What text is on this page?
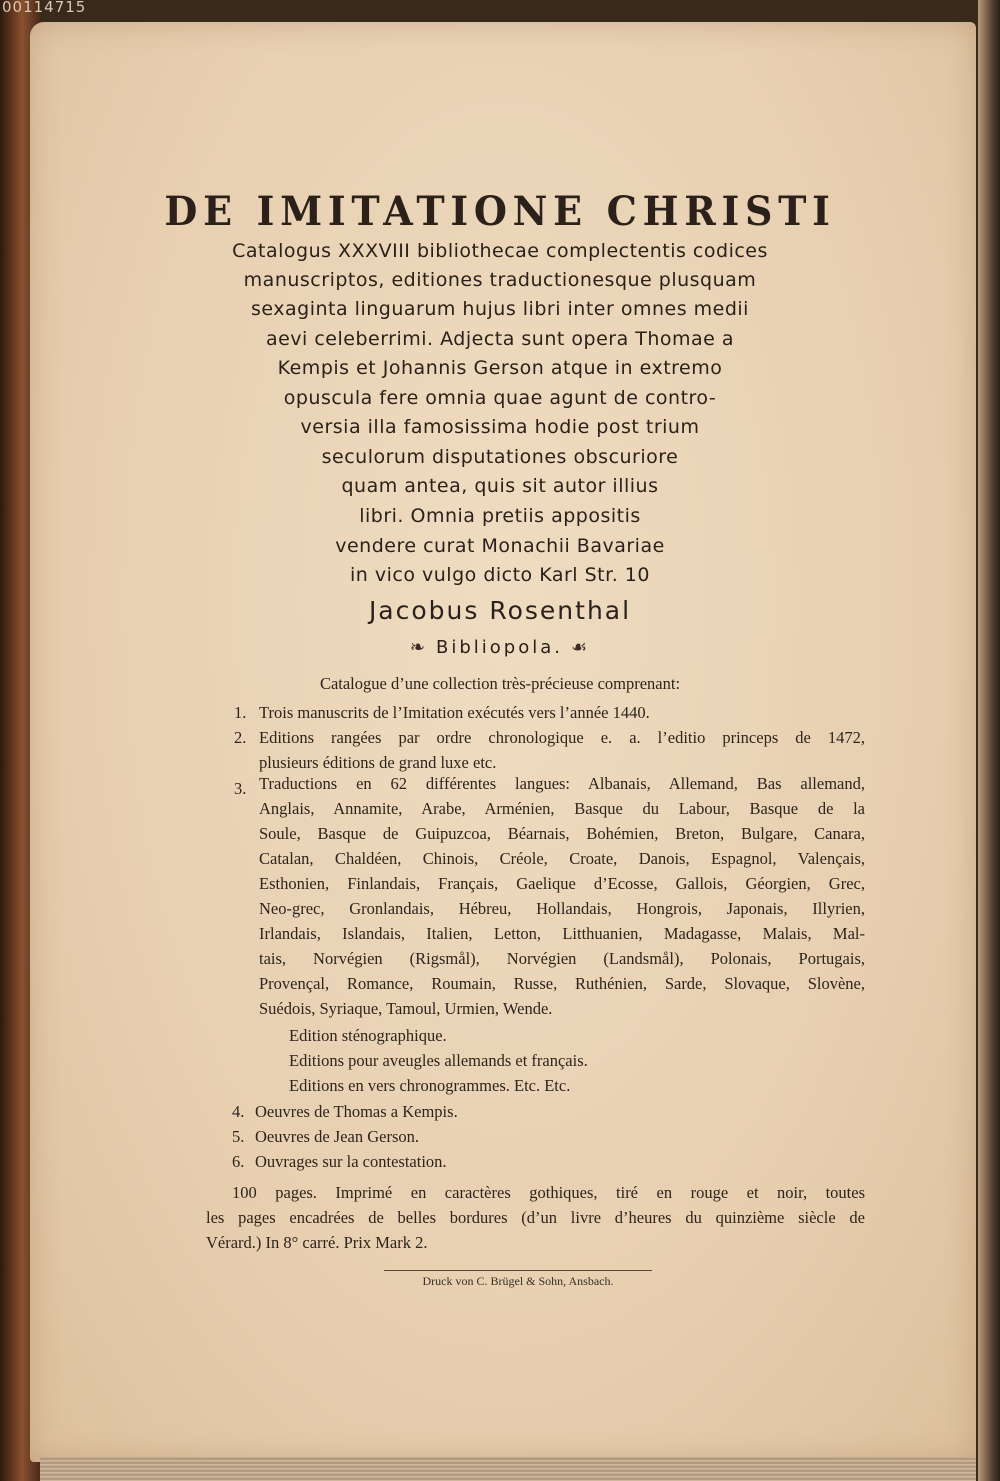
00114715
DE IMITATIONE CHRISTI
Catalogus XXXVIII bibliothecae complectentis codices
manuscriptos, editiones traductionesque plusquam
sexaginta linguarum hujus libri inter omnes medii
aevi celeberrimi. Adjecta sunt opera Thomae a
Kempis et Johannis Gerson atque in extremo
opuscula fere omnia quae agunt de contro-
versia illa famosissima hodie post trium
seculorum disputationes obscuriore
quam antea, quis sit autor illius
libri. Omnia pretiis appositis
vendere curat Monachii Bavariae
in vico vulgo dicto Karl Str. 10
Jacobus Rosenthal
❧ Bibliopola. ☙
Catalogue d’une collection très-précieuse comprenant:
1. Trois manuscrits de l’Imitation exécutés vers l’année 1440.
2. Editions rangées par ordre chronologique e. a. l’editio princeps de 1472,
plusieurs éditions de grand luxe etc.
3. Traductions en 62 différentes langues: Albanais, Allemand, Bas allemand,
Anglais, Annamite, Arabe, Arménien, Basque du Labour, Basque de la
Soule, Basque de Guipuzcoa, Béarnais, Bohémien, Breton, Bulgare, Canara,
Catalan, Chaldéen, Chinois, Créole, Croate, Danois, Espagnol, Valençais,
Esthonien, Finlandais, Français, Gaelique d’Ecosse, Gallois, Géorgien, Grec,
Neo-grec, Gronlandais, Hébreu, Hollandais, Hongrois, Japonais, Illyrien,
Irlandais, Islandais, Italien, Letton, Litthuanien, Madagasse, Malais, Mal-
tais, Norvégien (Rigsmål), Norvégien (Landsmål), Polonais, Portugais,
Provençal, Romance, Roumain, Russe, Ruthénien, Sarde, Slovaque, Slovène,
Suédois, Syriaque, Tamoul, Urmien, Wende.
Edition sténographique.
Editions pour aveugles allemands et français.
Editions en vers chronogrammes. Etc. Etc.
4. Oeuvres de Thomas a Kempis.
5. Oeuvres de Jean Gerson.
6. Ouvrages sur la contestation.
100 pages. Imprimé en caractères gothiques, tiré en rouge et noir, toutes
les pages encadrées de belles bordures (d’un livre d’heures du quinzième siècle de
Vérard.) In 8° carré. Prix Mark 2.
Druck von C. Brügel & Sohn, Ansbach.
